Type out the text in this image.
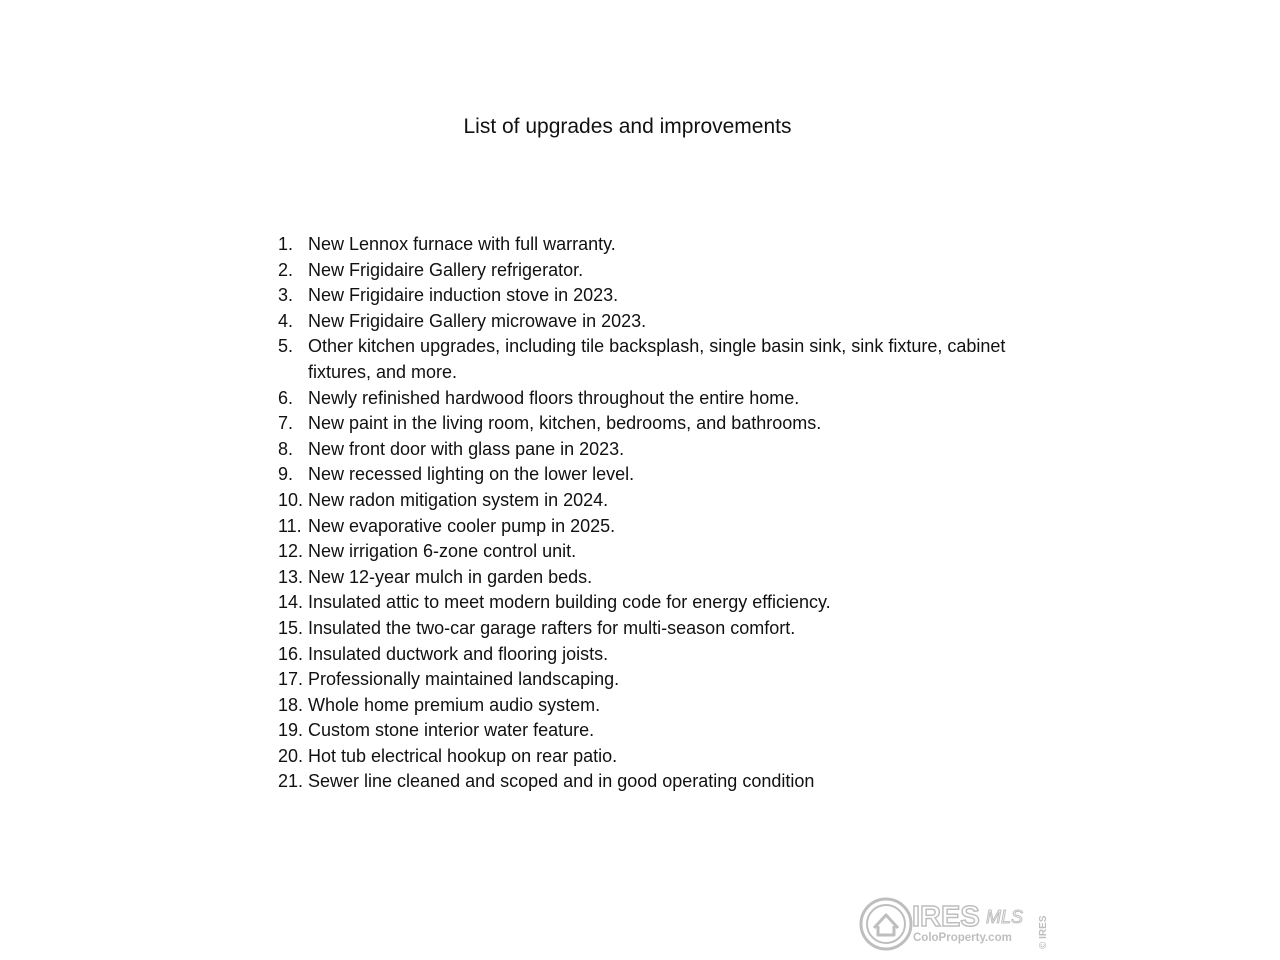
List of upgrades and improvements
1. New Lennox furnace with full warranty.
2. New Frigidaire Gallery refrigerator.
3. New Frigidaire induction stove in 2023.
4. New Frigidaire Gallery microwave in 2023.
5. Other kitchen upgrades, including tile backsplash, single basin sink, sink fixture, cabinet fixtures, and more.
6. Newly refinished hardwood floors throughout the entire home.
7. New paint in the living room, kitchen, bedrooms, and bathrooms.
8. New front door with glass pane in 2023.
9. New recessed lighting on the lower level.
10. New radon mitigation system in 2024.
11. New evaporative cooler pump in 2025.
12. New irrigation 6-zone control unit.
13. New 12-year mulch in garden beds.
14. Insulated attic to meet modern building code for energy efficiency.
15. Insulated the two-car garage rafters for multi-season comfort.
16. Insulated ductwork and flooring joists.
17. Professionally maintained landscaping.
18. Whole home premium audio system.
19. Custom stone interior water feature.
20. Hot tub electrical hookup on rear patio.
21. Sewer line cleaned and scoped and in good operating condition
IRES MLS
ColoProperty.com	© IRES
